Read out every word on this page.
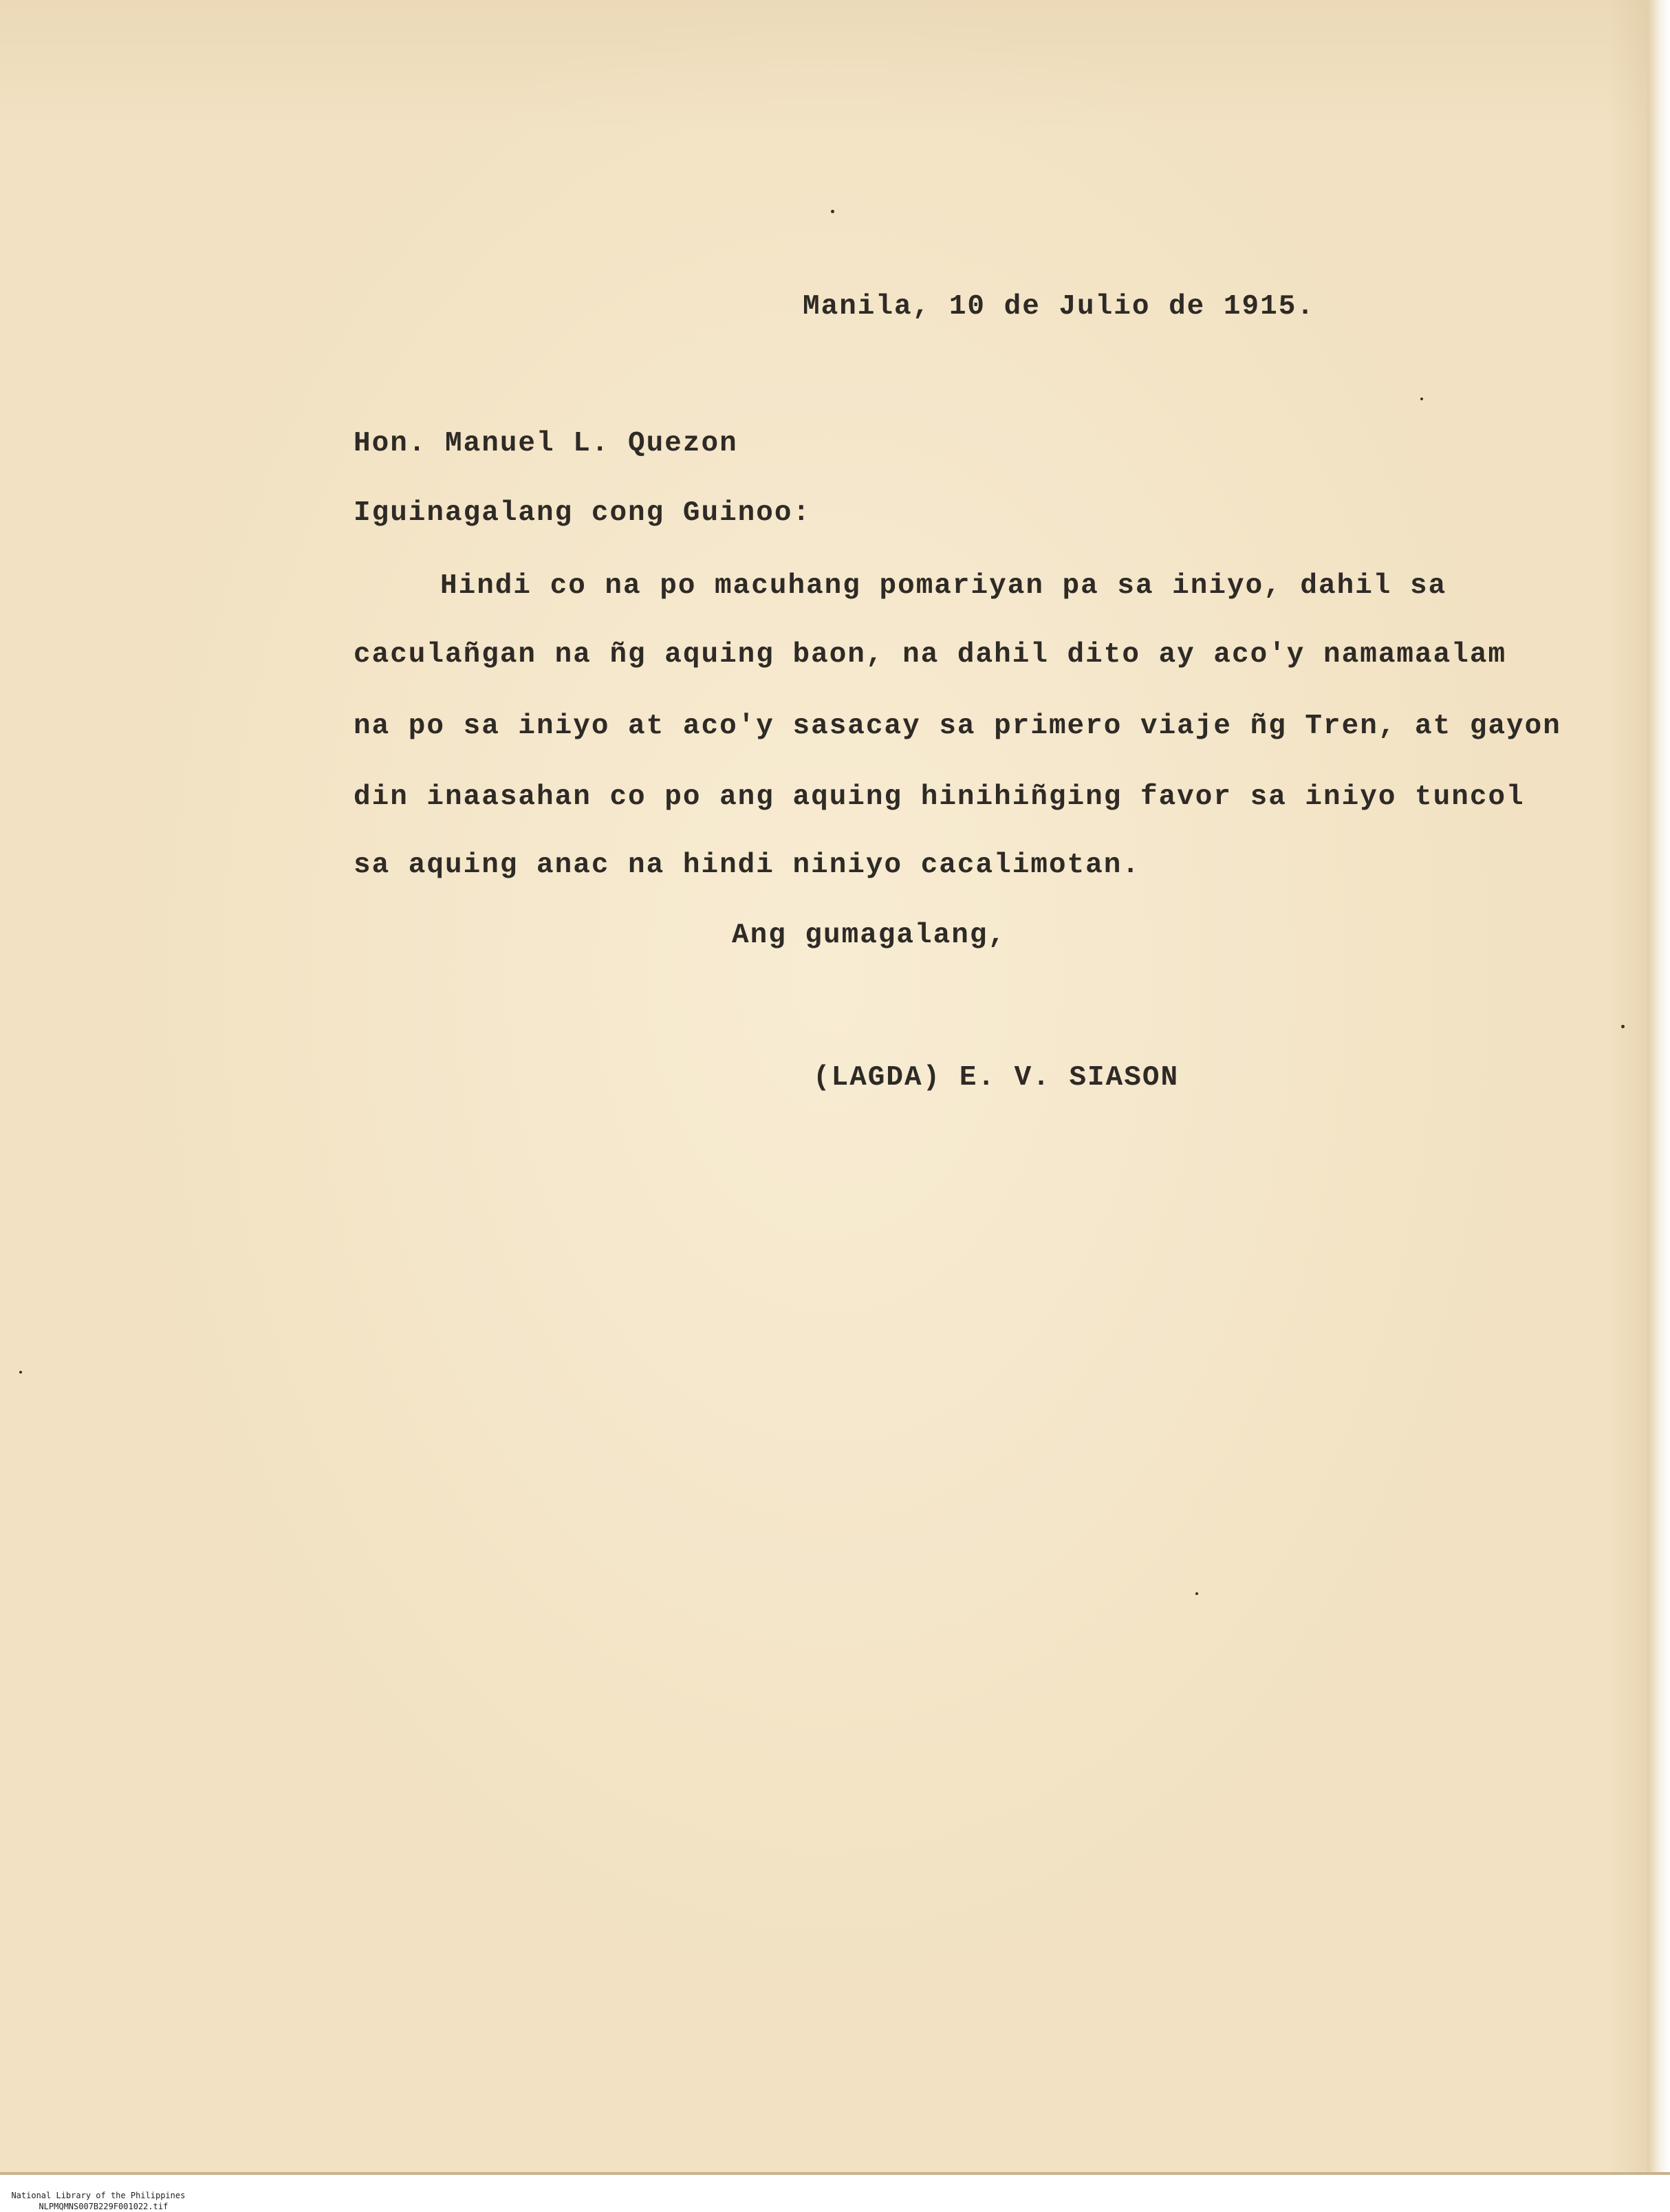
Manila, 10 de Julio de 1915.

Hon. Manuel L. Quezon

Iguinagalang cong Guinoo:

Hindi co na po macuhang pomariyan pa sa iniyo, dahil sa

caculañgan na ñg aquing baon, na dahil dito ay aco'y namamaalam

na po sa iniyo at aco'y sasacay sa primero viaje ñg Tren, at gayon

din inaasahan co po ang aquing hinihiñging favor sa iniyo tuncol

sa aquing anac na hindi niniyo cacalimotan.

Ang gumagalang,

(LAGDA) E. V. SIASON

National Library of the Philippines
NLPMQMNS007B229F001022.tif
